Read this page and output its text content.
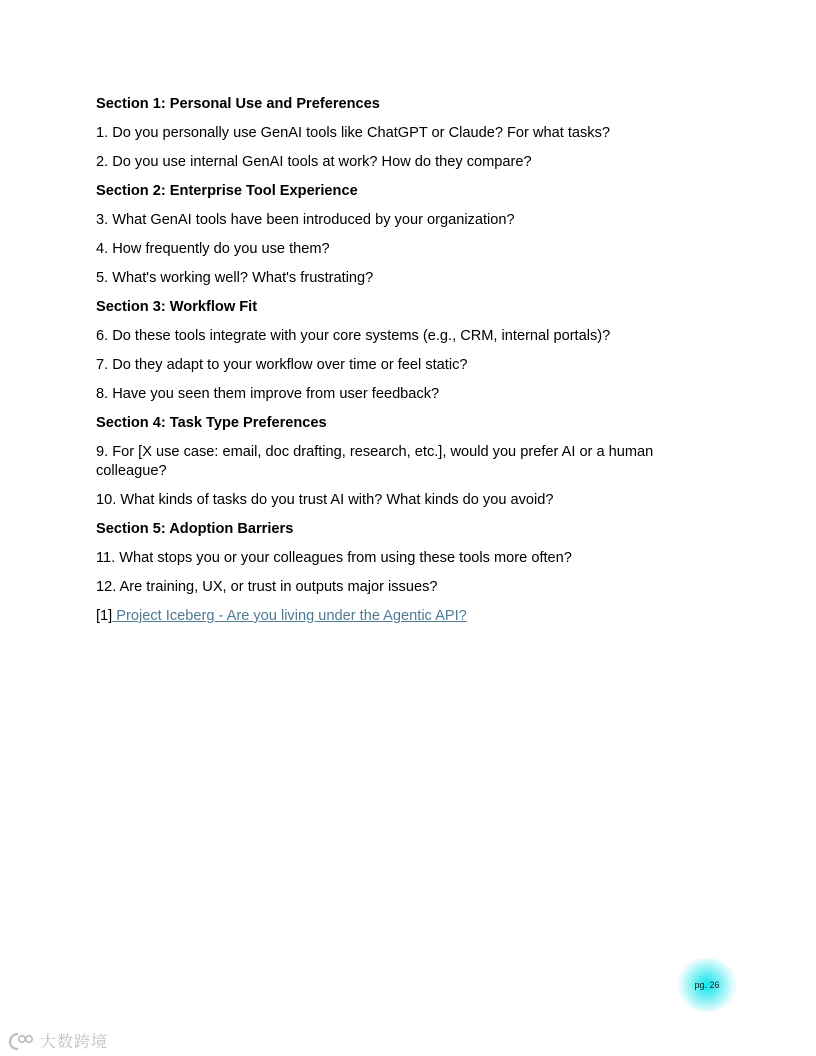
Section 1: Personal Use and Preferences

1. Do you personally use GenAI tools like ChatGPT or Claude? For what tasks?

2. Do you use internal GenAI tools at work? How do they compare?

Section 2: Enterprise Tool Experience

3. What GenAI tools have been introduced by your organization?

4. How frequently do you use them?

5. What's working well? What's frustrating?

Section 3: Workflow Fit

6. Do these tools integrate with your core systems (e.g., CRM, internal portals)?

7. Do they adapt to your workflow over time or feel static?

8. Have you seen them improve from user feedback?

Section 4: Task Type Preferences

9. For [X use case: email, doc drafting, research, etc.], would you prefer AI or a human colleague?

10. What kinds of tasks do you trust AI with? What kinds do you avoid?

Section 5: Adoption Barriers

11. What stops you or your colleagues from using these tools more often?

12. Are training, UX, or trust in outputs major issues?

[1] Project Iceberg - Are you living under the Agentic API?

pg. 26
大数跨境
